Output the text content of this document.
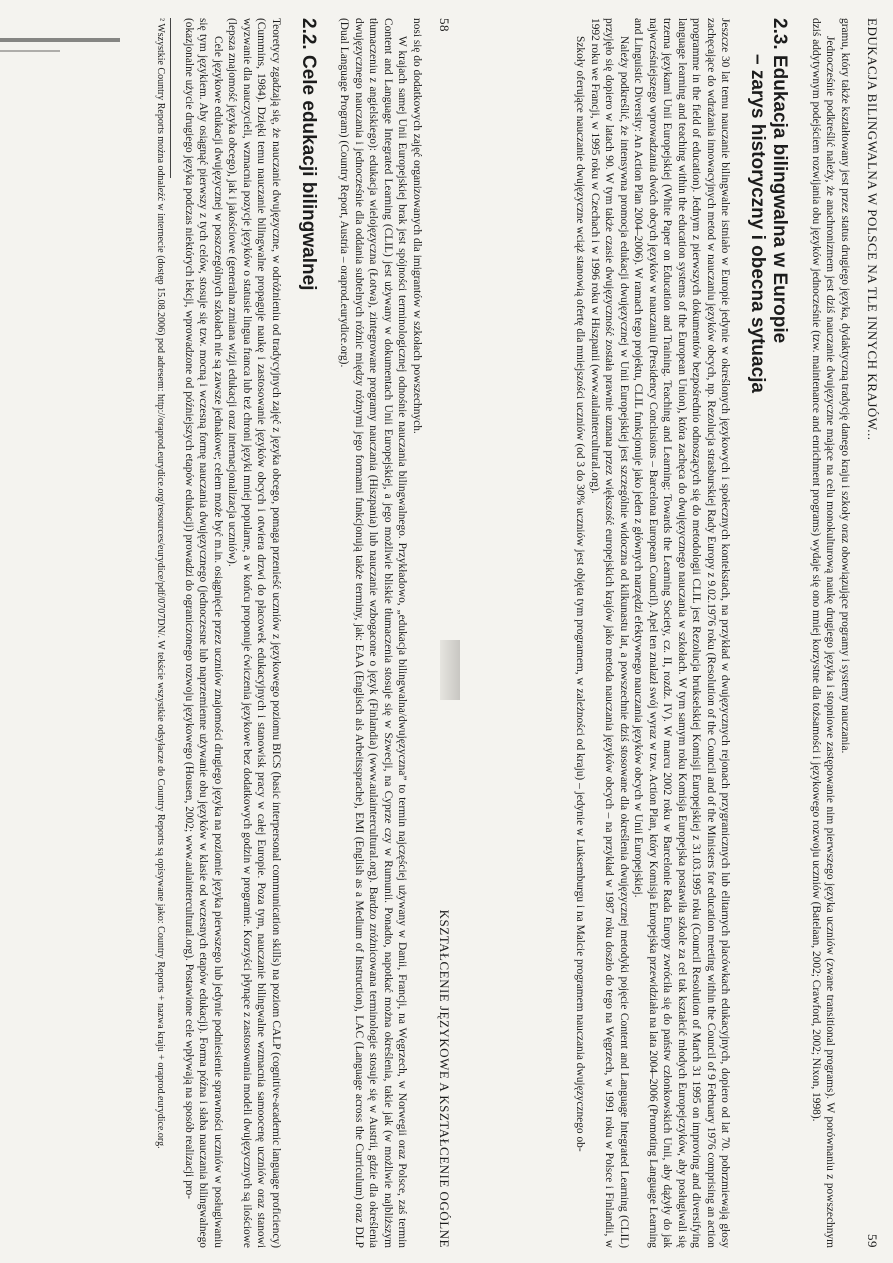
58
KSZTAŁCENIE JĘZYKOWE A KSZTAŁCENIE OGÓLNE

nosi się do dodatkowych zajęć organizowanych dla imigrantów w szkołach powszechnych.

W krajach samej Unii Europejskiej brak jest spójności terminologicznej odnośnie nauczania bilingwalnego. Przykładowo, „edukacja bilingwalna/dwujęzyczna” to termin najczęściej używany w Danii, Francji, na Węgrzech, w Norwegii oraz Polsce, zaś termin Content and Language Integrated Learning (CLIL) jest używany w dokumentach Unii Europejskiej, a jego możliwie bliskie tłumaczenia stosuje się w Szwecji, na Cyprze czy w Rumunii. Ponadto, napotkać można określenia, takie jak (w możliwie najbliższym tłumaczeniu z angielskiego): edukacja wielojęzyczna (Łotwa), zintegrowane programy nauczania (Hiszpania) lub nauczanie wzbogacone o język (Finlandia) (www.aulaintercultural.org). Bardzo zróżnicowana terminologie stosuje się w Austrii, gdzie dla określenia dwujęzycznego nauczania i jednocześnie dla oddania subtelnych różnic między różnymi jego formami funkcjonują także terminy, jak: EAA (Englisch als Arbeitssprache), EMI (English as a Medium of Instruction), LAC (Language across the Curriculum) oraz DLP (Dual Language Program) (Country Report, Austria – oraprod.eurydice.org).

2.2. Cele edukacji bilingwalnej

Teoretycy zgadzają się, że nauczanie dwujęzyczne, w odróżnieniu od tradycyjnych zajęć z języka obcego, pomaga przenieść uczniów z językowego poziomu BICS (basic interpersonal communication skills) na poziom CALP (cognitive-academic language proficiency) (Cummins, 1984). Dzięki temu nauczanie bilingwalne propaguje naukę i zastosowanie języków obcych i otwiera drzwi do płacowek edukacyjnych i stanowisk pracy w całej Europie. Poza tym, nauczanie bilingwalne wzmacnia samoocenę uczniów oraz stanowi wyzwanie dla nauczycieli, wzmacnia pozycje języków o statusie lingua franca lub też chroni języki mniej popularne, a w końcu proponuje ćwiczenia językowe bez dodatkowych godzin w programie. Korzyści płynące z zastosowania modeli dwujęzycznych są ilościowe (lepsza znajomość języka obcego), jak i jakościowe (generalna zmiana wizji edukacji oraz internacjonalizacja uczniów).

Cele językowe edukacji dwujęzycznej w poszczególnych szkołach nie są zawsze jednakowe; celem może być m.in. osiągnięcie przez uczniów znajomości drugiego języka na poziomie języka pierwszego lub jedynie podniesienie sprawności uczniów w posługiwaniu się tym językiem. Aby osiągnąć pierwszy z tych celów, stosuje się tzw. mocną i wczesną formę nauczania dwujęzycznego (jednoczesne lub naprzemienne używanie obu języków w klasie od wczesnych etapów edukacji). Forma późna i słaba nauczania bilingwalnego (okazjonalne użycie drugiego języka podczas niektórych lekcji, wprowadzone od późniejszych etapów edukacji) prowadzi do ograniczonego rozwoju językowego (Housen, 2002; www.aulaintercultural.org). Postawione cele wpływają na sposób realizacji pro-

² Wszystkie Country Reports można odnaleźć w internecie (dostęp 15.08.2006) pod adresem: http://oraprod.eurydice.org/resources/eurydice/pdf/0707DN/. W tekście wszystkie odsyłacze do Country Reports są opisywane jako: Country Reports + nazwa kraju + oraprod.eurydice.org.	EDUKACJA BILINGWALNA W POLSCE NA TLE INNYCH KRAJÓW...
59

gramu, który także kształtowany jest przez status drugiego języka, dydaktyczną tradycję danego kraju i szkoły oraz obowiązujące programy i systemy nauczania.

Jednocześnie podkreślić należy, że anachronizmem jest dziś nauczanie dwujęzyczne mające na celu monokulturową naukę drugiego języka i stopniowe zastępowanie nim pierwszego języka uczniów (zwane transitional programs). W porównaniu z powszechnym dziś addytywnym podejściem rozwijania obu języków jednocześnie (tzw. maintenance and enrichment programs) wydaje się ono mniej korzystne dla tożsamości i językowego rozwoju uczniów (Batelaan, 2002; Crawford, 2002; Nixon, 1998).

2.3. Edukacja bilingwalna w Europie
– zarys historyczny i obecna sytuacja

Jeszcze 30 lat temu nauczanie bilingwalne istniało w Europie jedynie w określonych językowych i społecznych kontekstach, na przykład w dwujęzycznych rejonach przygranicznych lub elitarnych placówkach edukacyjnych, dopiero od lat 70. pobrzmiewają głosy zachęcające do wdrażania innowacyjnych metod w nauczaniu języków obcych, np. Rezolucja strasburskiej Rady Europy z 9.02.1976 roku (Resolution of the Council and of the Ministers for education meeting within the Council of 9 February 1976 comprising an action programme in the field of education). Jednym z pierwszych dokumentów bezpośrednio odnoszących się do metodologii CLIL jest Rezolucja brukselskiej Komisji Europejskiej z 31.03.1995 roku (Council Resolution of March 31 1995 on improving and diversifying language learning and teaching within the education systems of the European Union), która zachęca do dwujęzycznego nauczania w szkołach. W tym samym roku Komisja Europejska postawiła szkole za cel tak kształcić młodych Europejczyków, aby posługiwali się trzema językami Unii Europejskiej (White Paper on Education and Training. Teaching and Learning: Towards the Learning Society, cz. II, rozdz. IV). W marcu 2002 roku w Barcelonie Rada Europy zwróciła się do państw członkowskich Unii, aby dążyły do jak najwcześniejszego wprowadzania dwóch obcych języków w nauczaniu (Presidency Conclusions – Barcelona European Council). Apel ten znalazł swój wyraz w tzw. Action Plan, który Komisja Europejska przewidziała na lata 2004–2006 (Promoting Language Learning and Linguistic Diversity: An Action Plan 2004–2006). W ramach tego projektu, CLIL funkcjonuje jako jeden z głównych narzędzi efektywnego nauczania języków obcych w Unii Europejskiej.

Należy podkreślić, że intensywna promocja edukacji dwujęzycznej w Unii Europejskiej jest szczególnie widoczna od kilkunastu lat, a powszechnie dziś stosowane dla określenia dwujęzycznej metodyki pojęcie Content and Language Integrated Learning (CLIL) przyjęło się dopiero w latach 90. W tym także czasie dwujęzyczność została prawnie uznana przez większość europejskich krajów jako metoda nauczania języków obcych – na przykład w 1987 roku doszło do tego na Węgrzech, w 1991 roku w Polsce i Finlandii, w 1992 roku we Francji, w 1995 roku w Czechach i w 1996 roku w Hiszpanii (www.aulaintercultural.org).

Szkoły oferujące nauczanie dwujęzyczne wciąż stanowią ofertę dla mniejszości uczniów (od 3 do 30% uczniów jest objęta tym programem, w zależności od kraju) – jedynie w Luksemburgu i na Malcie programem nauczania dwujęzycznego ob-
